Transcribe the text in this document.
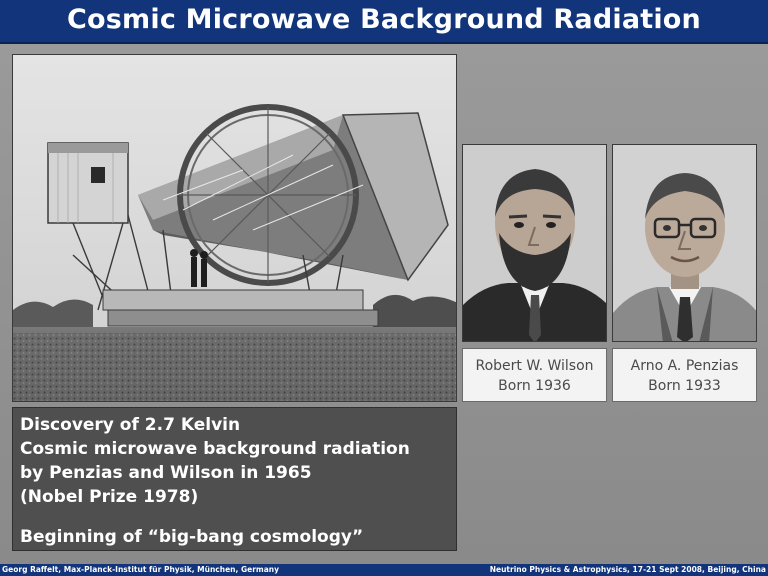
Cosmic Microwave Background Radiation
Robert W. Wilson
Born 1936
Arno A. Penzias
Born 1933
Discovery of 2.7 Kelvin
Cosmic microwave background radiation
by Penzias and Wilson in 1965
(Nobel Prize 1978)
Beginning of “big-bang cosmology”
Georg Raffelt, Max-Planck-Institut für Physik, München, Germany	Neutrino Physics & Astrophysics, 17-21 Sept 2008, Beijing, China
